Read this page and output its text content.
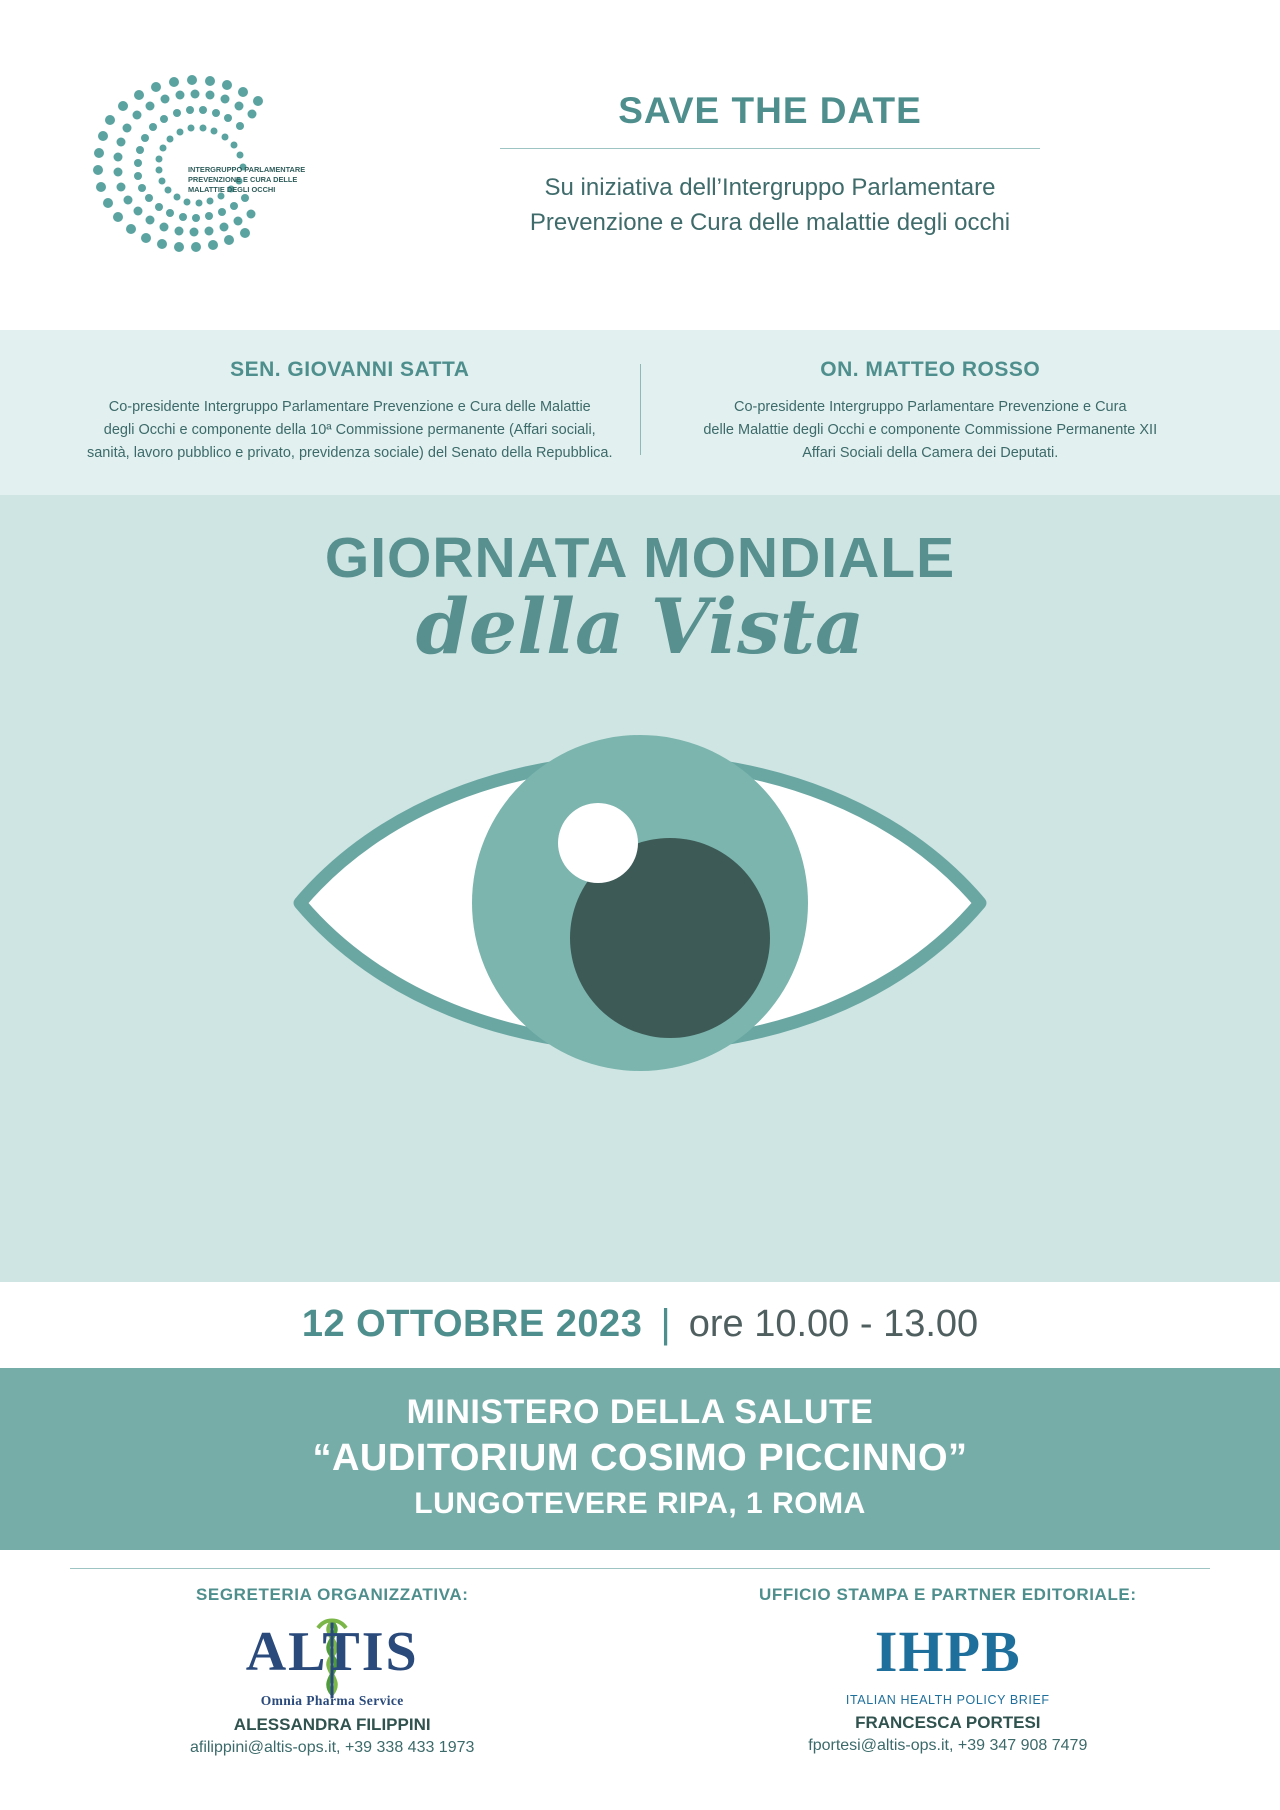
INTERGRUPPO PARLAMENTARE
PREVENZIONE E CURA DELLE
MALATTIE DEGLI OCCHI
SAVE THE DATE
Su iniziativa dell’Intergruppo Parlamentare
Prevenzione e Cura delle malattie degli occhi
SEN. GIOVANNI SATTA
Co-presidente Intergruppo Parlamentare Prevenzione e Cura delle Malattie
degli Occhi e componente della 10ª Commissione permanente (Affari sociali,
sanità, lavoro pubblico e privato, previdenza sociale) del Senato della Repubblica.
ON. MATTEO ROSSO
Co-presidente Intergruppo Parlamentare Prevenzione e Cura
delle Malattie degli Occhi e componente Commissione Permanente XII
Affari Sociali della Camera dei Deputati.
GIORNATA MONDIALE
della Vista
12 OTTOBRE 2023 | ore 10.00 - 13.00
MINISTERO DELLA SALUTE
“AUDITORIUM COSIMO PICCINNO”
LUNGOTEVERE RIPA, 1 ROMA
SEGRETERIA ORGANIZZATIVA:
ALTIS
Omnia Pharma Service
ALESSANDRA FILIPPINI
afilippini@altis-ops.it, +39 338 433 1973
UFFICIO STAMPA E PARTNER EDITORIALE:
IHPB
ITALIAN HEALTH POLICY BRIEF
FRANCESCA PORTESI
fportesi@altis-ops.it, +39 347 908 7479
